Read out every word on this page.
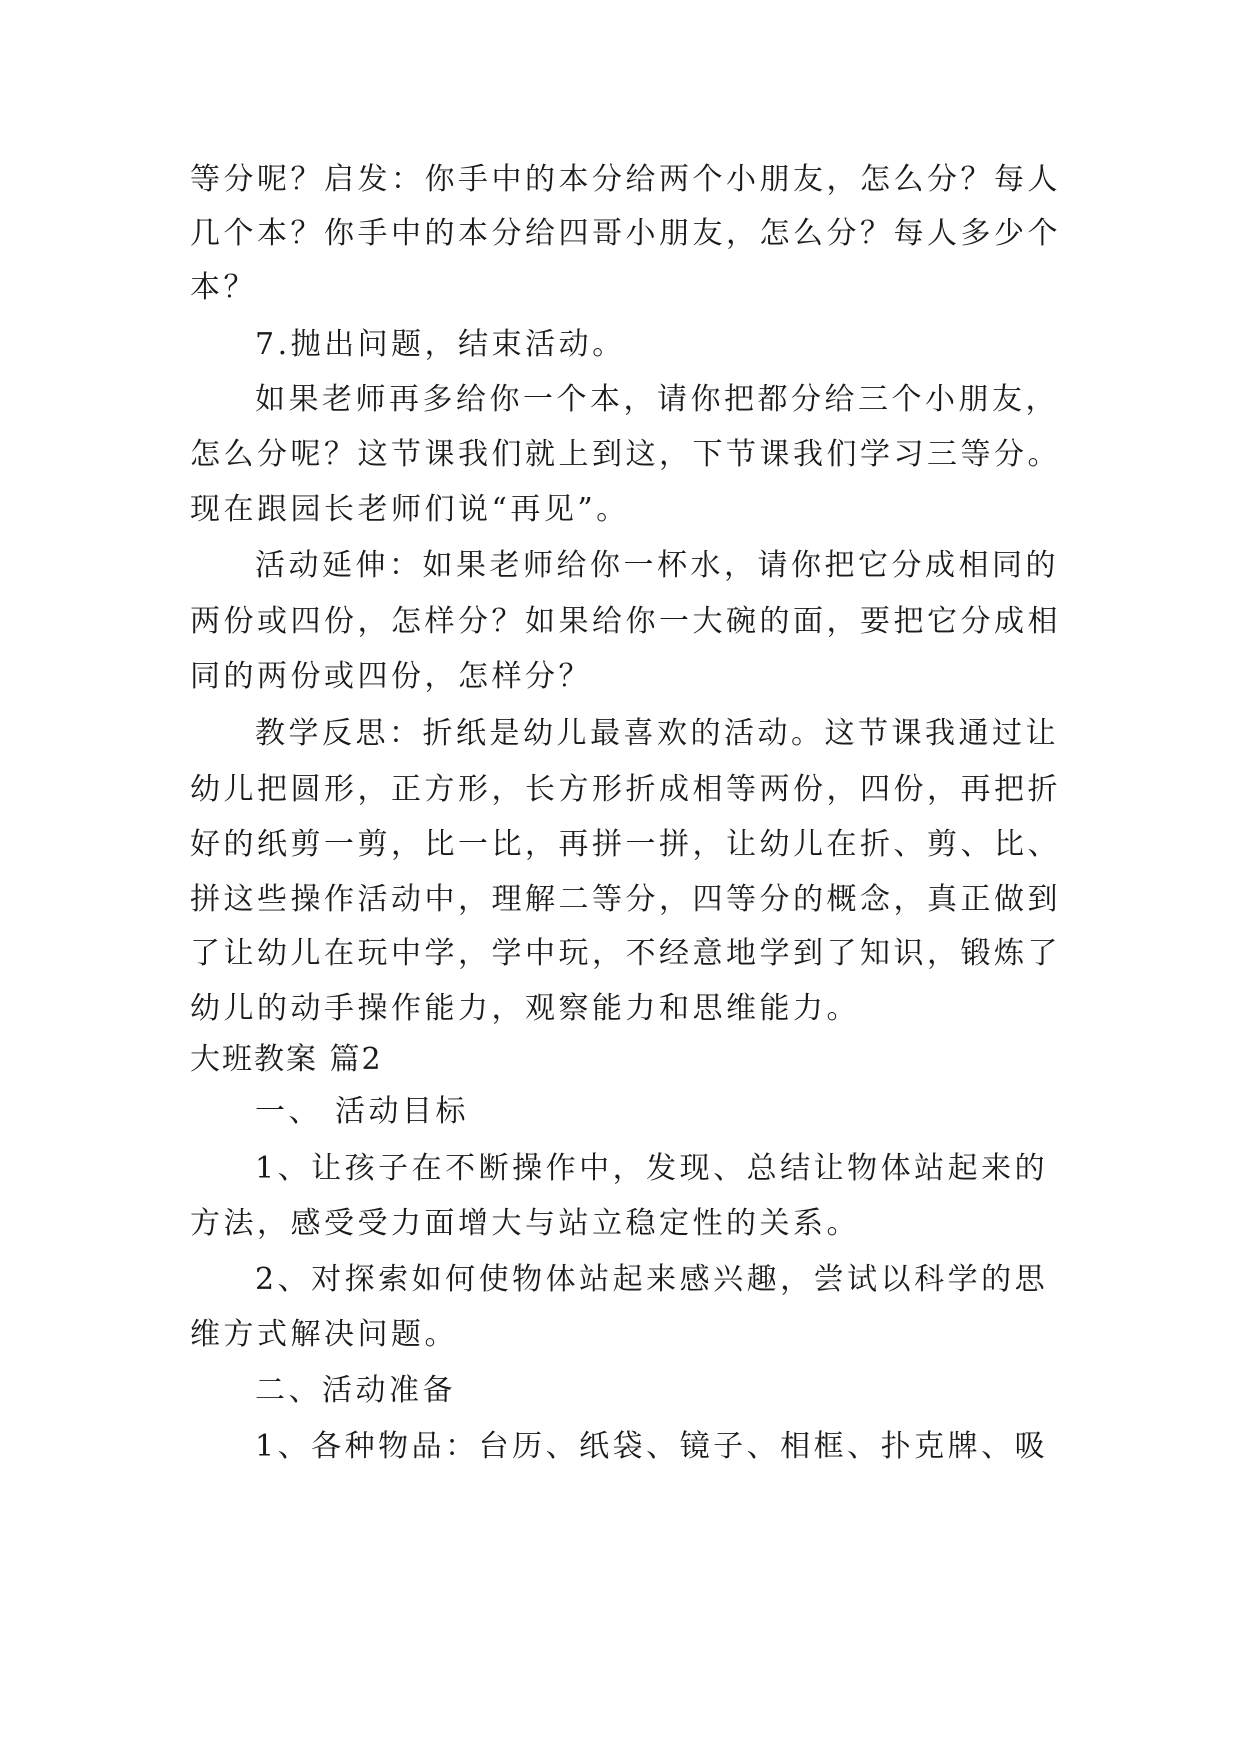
等分呢？启发：你手中的本分给两个小朋友，怎么分？每人
几个本？你手中的本分给四哥小朋友，怎么分？每人多少个
本？
7.抛出问题，结束活动。
如果老师再多给你一个本，请你把都分给三个小朋友，
怎么分呢？这节课我们就上到这，下节课我们学习三等分。
现在跟园长老师们说“再见”。
活动延伸：如果老师给你一杯水，请你把它分成相同的
两份或四份，怎样分？如果给你一大碗的面，要把它分成相
同的两份或四份，怎样分？
教学反思：折纸是幼儿最喜欢的活动。这节课我通过让
幼儿把圆形，正方形，长方形折成相等两份，四份，再把折
好的纸剪一剪，比一比，再拼一拼，让幼儿在折、剪、比、
拼这些操作活动中，理解二等分，四等分的概念，真正做到
了让幼儿在玩中学，学中玩，不经意地学到了知识，锻炼了
幼儿的动手操作能力，观察能力和思维能力。
大班教案 篇2
一、 活动目标
1、让孩子在不断操作中，发现、总结让物体站起来的
方法，感受受力面增大与站立稳定性的关系。
2、对探索如何使物体站起来感兴趣，尝试以科学的思
维方式解决问题。
二、活动准备
1、各种物品：台历、纸袋、镜子、相框、扑克牌、吸
